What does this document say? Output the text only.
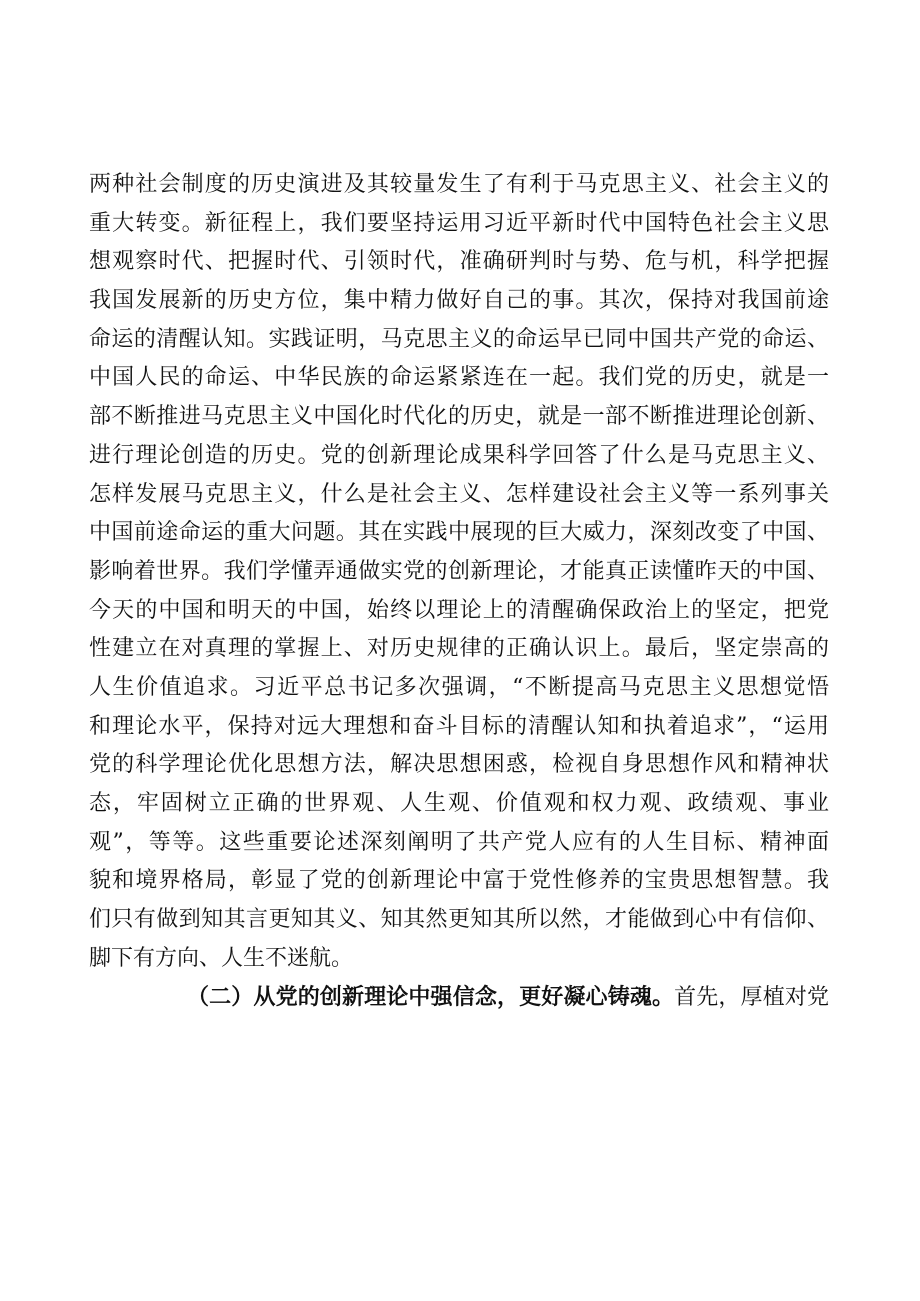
两种社会制度的历史演进及其较量发生了有利于马克思主义、社会主义的
重大转变。新征程上，我们要坚持运用习近平新时代中国特色社会主义思
想观察时代、把握时代、引领时代，准确研判时与势、危与机，科学把握
我国发展新的历史方位，集中精力做好自己的事。其次，保持对我国前途
命运的清醒认知。实践证明，马克思主义的命运早已同中国共产党的命运、
中国人民的命运、中华民族的命运紧紧连在一起。我们党的历史，就是一
部不断推进马克思主义中国化时代化的历史，就是一部不断推进理论创新、
进行理论创造的历史。党的创新理论成果科学回答了什么是马克思主义、
怎样发展马克思主义，什么是社会主义、怎样建设社会主义等一系列事关
中国前途命运的重大问题。其在实践中展现的巨大威力，深刻改变了中国、
影响着世界。我们学懂弄通做实党的创新理论，才能真正读懂昨天的中国、
今天的中国和明天的中国，始终以理论上的清醒确保政治上的坚定，把党
性建立在对真理的掌握上、对历史规律的正确认识上。最后，坚定崇高的
人生价值追求。习近平总书记多次强调，“不断提高马克思主义思想觉悟
和理论水平，保持对远大理想和奋斗目标的清醒认知和执着追求”，“运用
党的科学理论优化思想方法，解决思想困惑，检视自身思想作风和精神状
态，牢固树立正确的世界观、人生观、价值观和权力观、政绩观、事业
观”，等等。这些重要论述深刻阐明了共产党人应有的人生目标、精神面
貌和境界格局，彰显了党的创新理论中富于党性修养的宝贵思想智慧。我
们只有做到知其言更知其义、知其然更知其所以然，才能做到心中有信仰、
脚下有方向、人生不迷航。
（二）从党的创新理论中强信念，更好凝心铸魂。首先，厚植对党
